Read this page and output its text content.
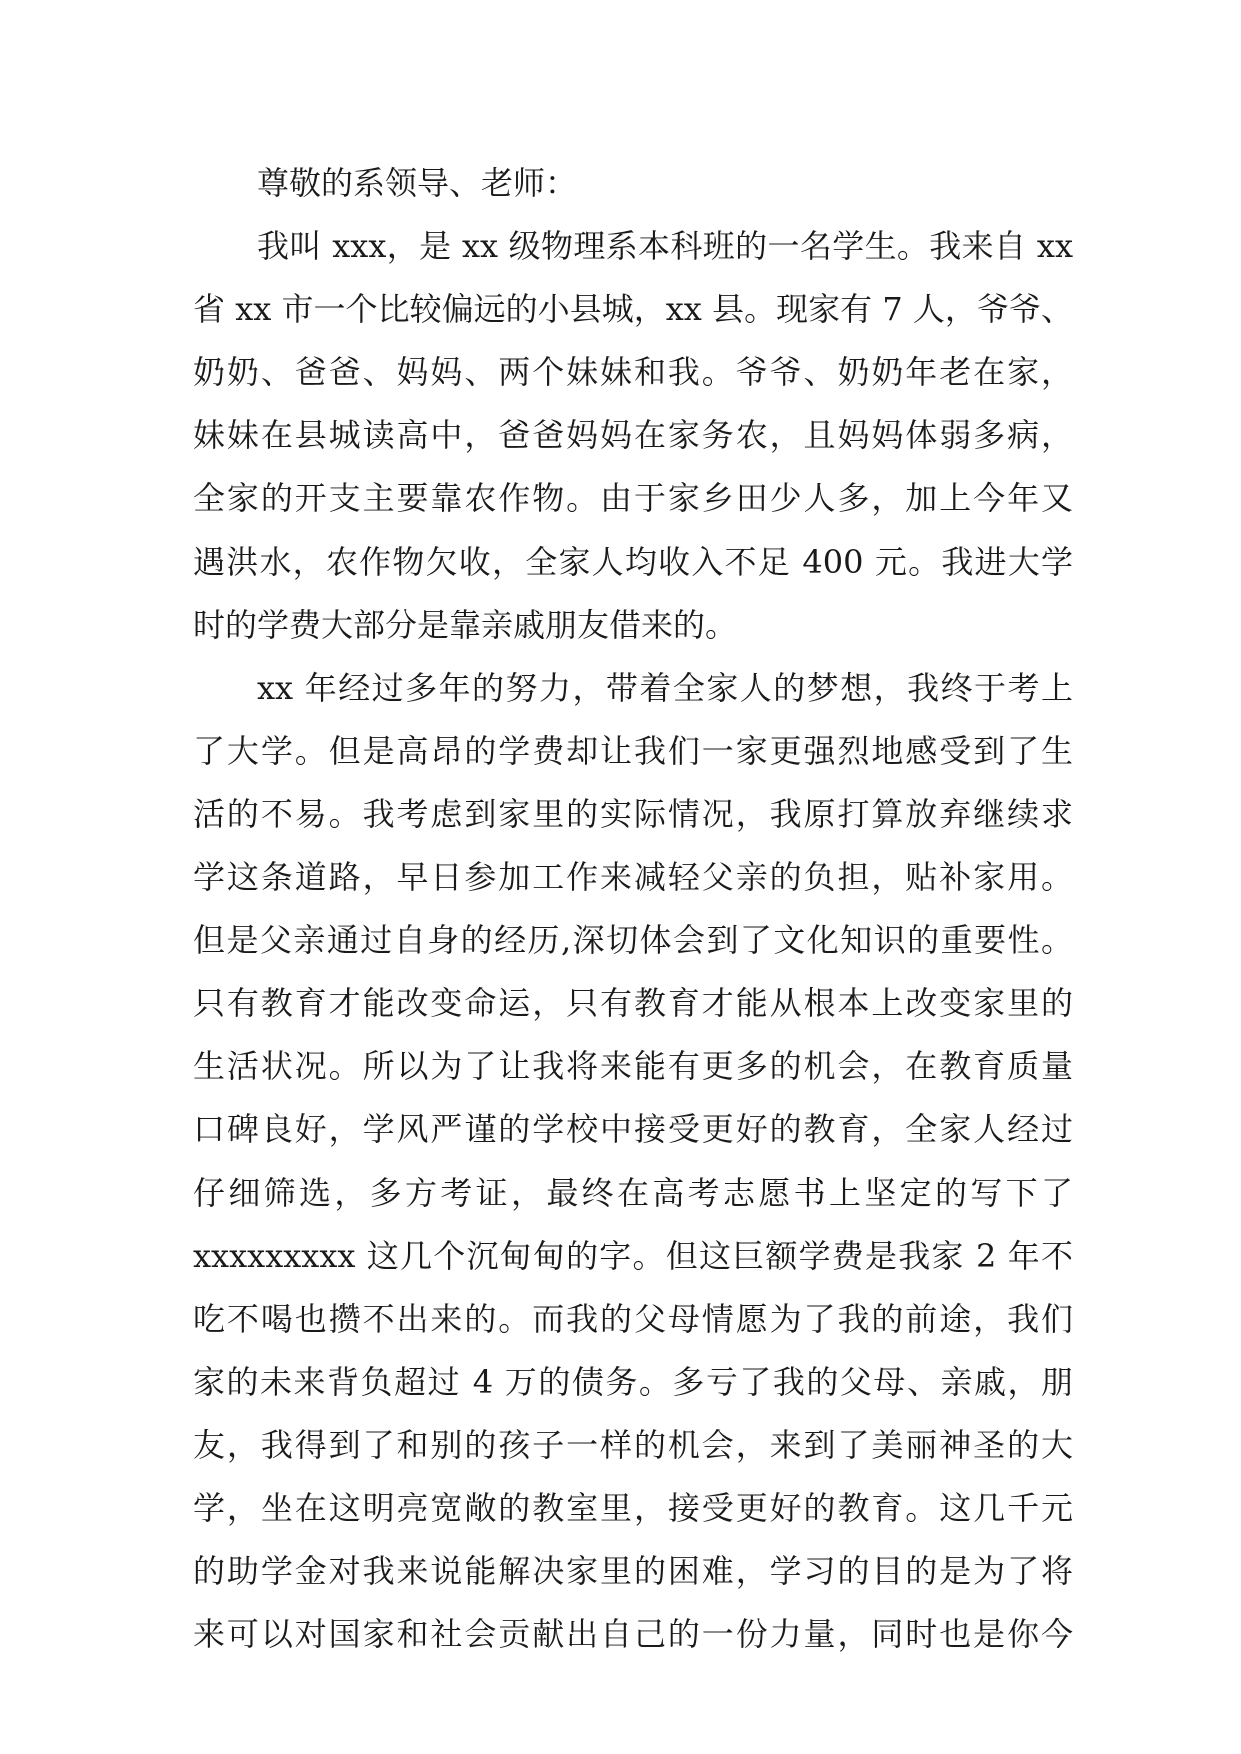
尊敬的系领导、老师：
我叫 xxx，是 xx 级物理系本科班的一名学生。我来自 xx
省 xx 市一个比较偏远的小县城，xx 县。现家有 7 人，爷爷、
奶奶、爸爸、妈妈、两个妹妹和我。爷爷、奶奶年老在家，
妹妹在县城读高中，爸爸妈妈在家务农，且妈妈体弱多病，
全家的开支主要靠农作物。由于家乡田少人多，加上今年又
遇洪水，农作物欠收，全家人均收入不足 400 元。我进大学
时的学费大部分是靠亲戚朋友借来的。
xx 年经过多年的努力，带着全家人的梦想，我终于考上
了大学。但是高昂的学费却让我们一家更强烈地感受到了生
活的不易。我考虑到家里的实际情况，我原打算放弃继续求
学这条道路，早日参加工作来减轻父亲的负担，贴补家用。
但是父亲通过自身的经历,深切体会到了文化知识的重要性。
只有教育才能改变命运，只有教育才能从根本上改变家里的
生活状况。所以为了让我将来能有更多的机会，在教育质量
口碑良好，学风严谨的学校中接受更好的教育，全家人经过
仔细筛选，多方考证，最终在高考志愿书上坚定的写下了
xxxxxxxxx 这几个沉甸甸的字。但这巨额学费是我家 2 年不
吃不喝也攒不出来的。而我的父母情愿为了我的前途，我们
家的未来背负超过 4 万的债务。多亏了我的父母、亲戚，朋
友，我得到了和别的孩子一样的机会，来到了美丽神圣的大
学，坐在这明亮宽敞的教室里，接受更好的教育。这几千元
的助学金对我来说能解决家里的困难，学习的目的是为了将
来可以对国家和社会贡献出自己的一份力量，同时也是你今
